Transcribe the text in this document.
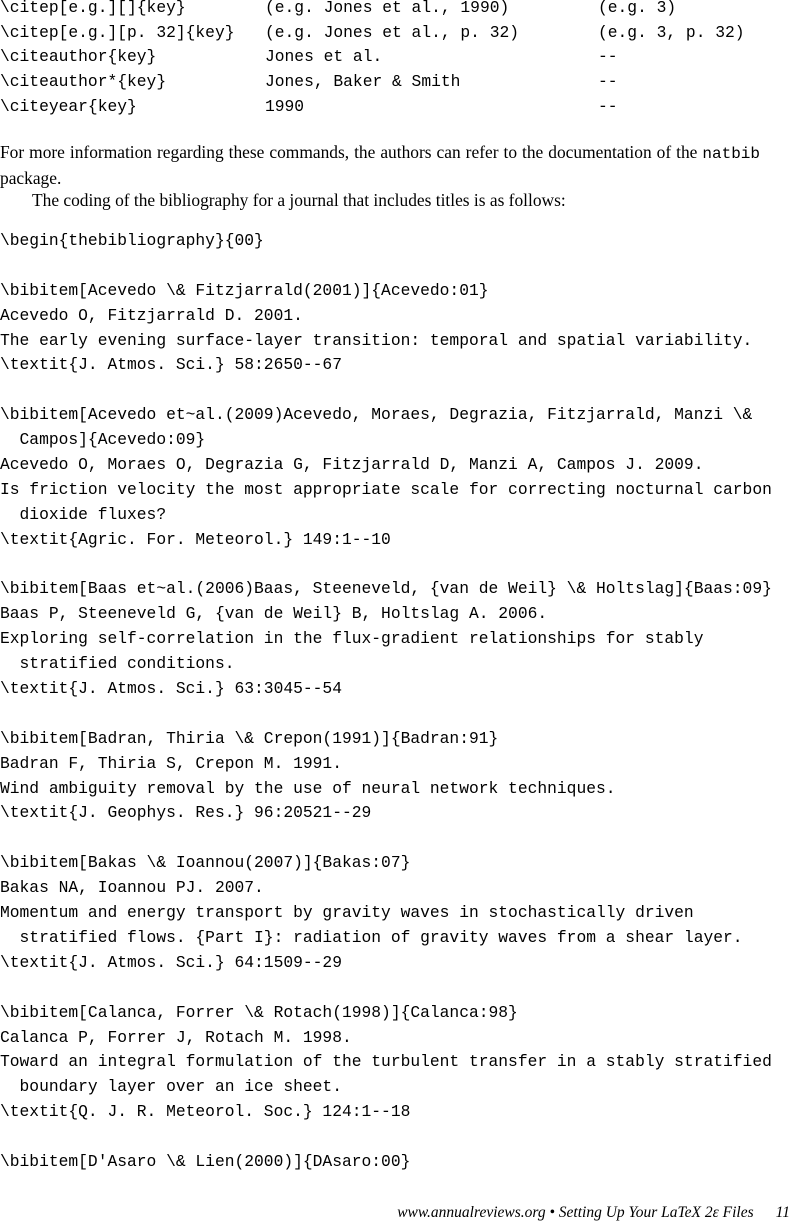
\citep[e.g.][]{key}	(e.g. Jones et al., 1990)	(e.g. 3)
\citep[e.g.][p. 32]{key} (e.g. Jones et al., p. 32)	(e.g. 3, p. 32)
\citeauthor{key}	Jones et al.	--
\citeauthor*{key}	Jones, Baker & Smith	--
\citeyear{key}	1990	--
For more information regarding these commands, the authors can refer to the documentation of the natbib package.
The coding of the bibliography for a journal that includes titles is as follows:
\begin{thebibliography}{00}
\bibitem[Acevedo \& Fitzjarrald(2001)]{Acevedo:01}
Acevedo O, Fitzjarrald D. 2001.
The early evening surface-layer transition: temporal and spatial variability.
\textit{J. Atmos. Sci.} 58:2650--67
\bibitem[Acevedo et~al.(2009)Acevedo, Moraes, Degrazia, Fitzjarrald, Manzi \&
Campos]{Acevedo:09}
Acevedo O, Moraes O, Degrazia G, Fitzjarrald D, Manzi A, Campos J. 2009.
Is friction velocity the most appropriate scale for correcting nocturnal carbon
dioxide fluxes?
\textit{Agric. For. Meteorol.} 149:1--10
\bibitem[Baas et~al.(2006)Baas, Steeneveld, {van de Weil} \& Holtslag]{Baas:09}
Baas P, Steeneveld G, {van de Weil} B, Holtslag A. 2006.
Exploring self-correlation in the flux-gradient relationships for stably
stratified conditions.
\textit{J. Atmos. Sci.} 63:3045--54
\bibitem[Badran, Thiria \& Crepon(1991)]{Badran:91}
Badran F, Thiria S, Crepon M. 1991.
Wind ambiguity removal by the use of neural network techniques.
\textit{J. Geophys. Res.} 96:20521--29
\bibitem[Bakas \& Ioannou(2007)]{Bakas:07}
Bakas NA, Ioannou PJ. 2007.
Momentum and energy transport by gravity waves in stochastically driven
stratified flows. {Part I}: radiation of gravity waves from a shear layer.
\textit{J. Atmos. Sci.} 64:1509--29
\bibitem[Calanca, Forrer \& Rotach(1998)]{Calanca:98}
Calanca P, Forrer J, Rotach M. 1998.
Toward an integral formulation of the turbulent transfer in a stably stratified
boundary layer over an ice sheet.
\textit{Q. J. R. Meteorol. Soc.} 124:1--18
\bibitem[D'Asaro \& Lien(2000)]{DAsaro:00}
www.annualreviews.org • Setting Up Your LaTeX 2ε Files 11
